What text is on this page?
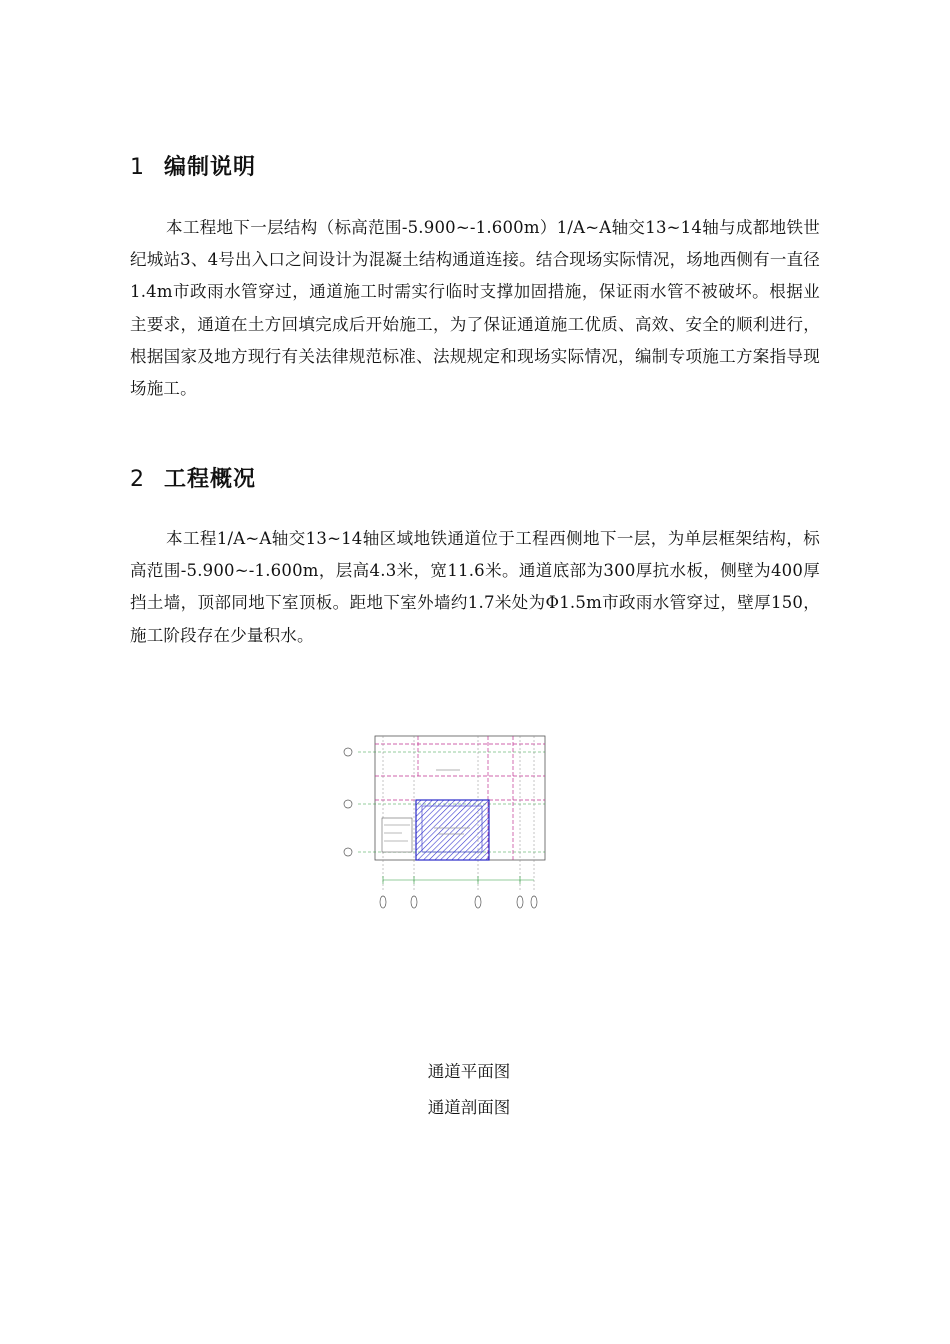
1 编制说明
本工程地下一层结构（标高范围-5.900~-1.600m）1/A~A轴交13~14轴与成都地铁世纪城站3、4号出入口之间设计为混凝土结构通道连接。结合现场实际情况，场地西侧有一直径1.4m市政雨水管穿过，通道施工时需实行临时支撑加固措施，保证雨水管不被破坏。根据业主要求，通道在土方回填完成后开始施工，为了保证通道施工优质、高效、安全的顺利进行，根据国家及地方现行有关法律规范标准、法规规定和现场实际情况，编制专项施工方案指导现场施工。
2 工程概况
本工程1/A~A轴交13~14轴区域地铁通道位于工程西侧地下一层，为单层框架结构，标高范围-5.900~-1.600m，层高4.3米，宽11.6米。通道底部为300厚抗水板，侧壁为400厚挡土墙，顶部同地下室顶板。距地下室外墙约1.7米处为Φ1.5m市政雨水管穿过，壁厚150，施工阶段存在少量积水。
通道平面图
通道剖面图
